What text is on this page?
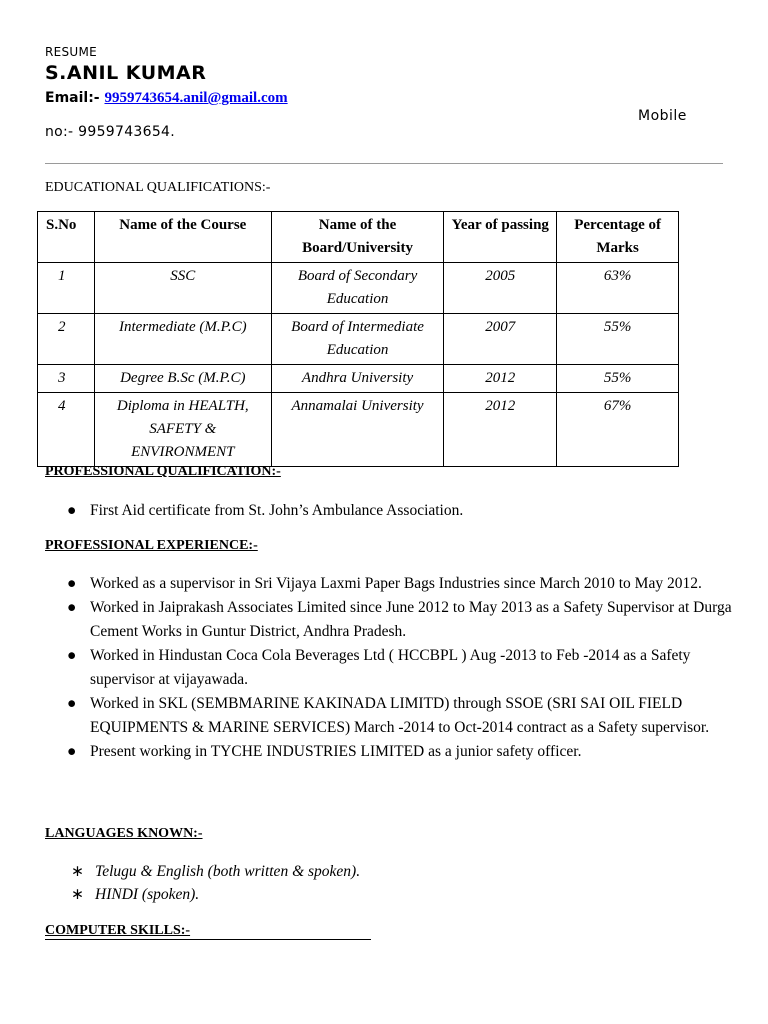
RESUME
S.ANIL KUMAR
Email:- 9959743654.anil@gmail.com
Mobile
no:- 9959743654.
EDUCATIONAL QUALIFICATIONS:-
S.No	Name of the Course	Name of the Board/University	Year of passing	Percentage of Marks
1	SSC	Board of Secondary Education	2005	63%
2	Intermediate (M.P.C)	Board of Intermediate Education	2007	55%
3	Degree B.Sc (M.P.C)	Andhra University	2012	55%
4	Diploma in HEALTH, SAFETY & ENVIRONMENT	Annamalai University	2012	67%
PROFESSIONAL QUALIFICATION:-
● First Aid certificate from St. John’s Ambulance Association.
PROFESSIONAL EXPERIENCE:-
● Worked as a supervisor in Sri Vijaya Laxmi Paper Bags Industries since March 2010 to May 2012.
● Worked in Jaiprakash Associates Limited since June 2012 to May 2013 as a Safety Supervisor at Durga Cement Works in Guntur District, Andhra Pradesh.
● Worked in Hindustan Coca Cola Beverages Ltd ( HCCBPL ) Aug -2013 to Feb -2014 as a Safety supervisor at vijayawada.
● Worked in SKL (SEMBMARINE KAKINADA LIMITD) through SSOE (SRI SAI OIL FIELD EQUIPMENTS & MARINE SERVICES) March -2014 to Oct-2014 contract as a Safety supervisor.
● Present working in TYCHE INDUSTRIES LIMITED as a junior safety officer.
LANGUAGES KNOWN:-
∗ Telugu & English (both written & spoken).
∗ HINDI (spoken).
COMPUTER SKILLS:-
